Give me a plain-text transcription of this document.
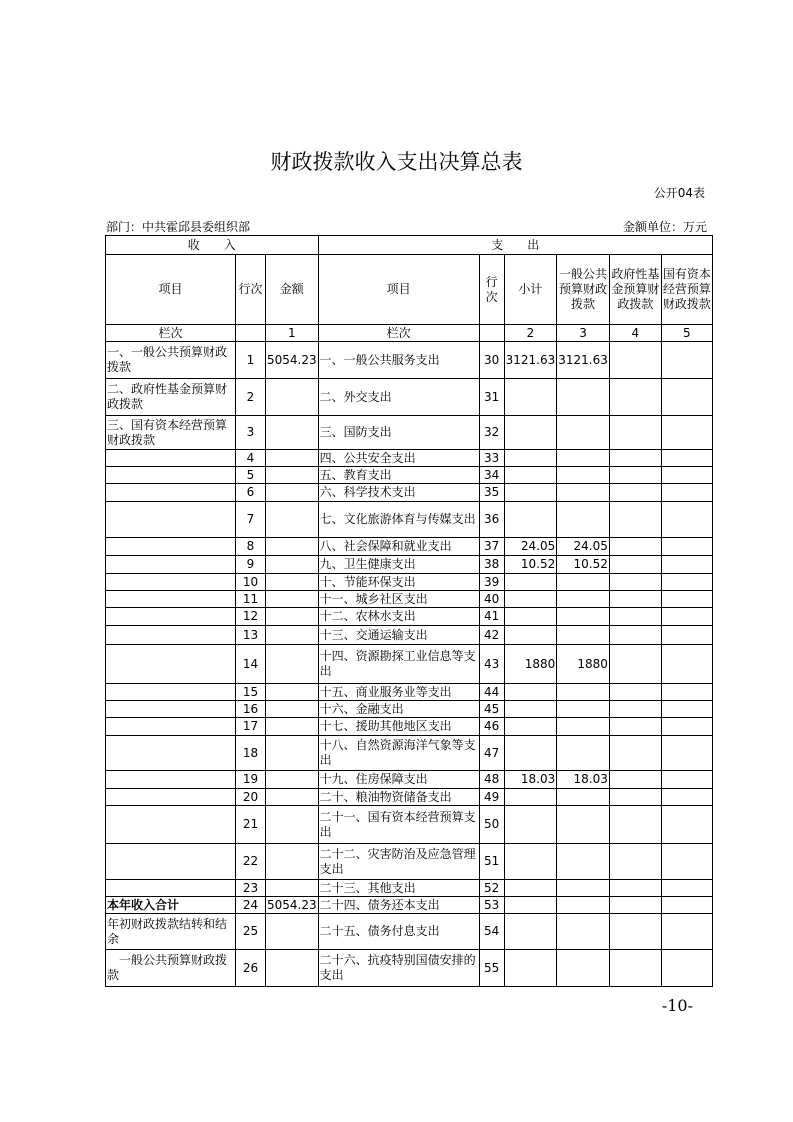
财政拨款收入支出决算总表
公开04表
部门：中共霍邱县委组织部	金额单位：万元
收　　入			支　　出					
项目	行次	金额	项目	行次	小计	一般公共预算财政拨款	政府性基金预算财政拨款	国有资本经营预算财政拨款
栏次		1	栏次		2	3	4	5
一、一般公共预算财政拨款	1	5054.23	一、一般公共服务支出	30	3121.63	3121.63		
二、政府性基金预算财政拨款	2		二、外交支出	31				
三、国有资本经营预算财政拨款	3		三、国防支出	32				
	4		四、公共安全支出	33				
	5		五、教育支出	34				
	6		六、科学技术支出	35				
	7		七、文化旅游体育与传媒支出	36				
	8		八、社会保障和就业支出	37	24.05	24.05		
	9		九、卫生健康支出	38	10.52	10.52		
	10		十、节能环保支出	39				
	11		十一、城乡社区支出	40				
	12		十二、农林水支出	41				
	13		十三、交通运输支出	42				
	14		十四、资源勘探工业信息等支出	43	1880	1880		
	15		十五、商业服务业等支出	44				
	16		十六、金融支出	45				
	17		十七、援助其他地区支出	46				
	18		十八、自然资源海洋气象等支出	47				
	19		十九、住房保障支出	48	18.03	18.03		
	20		二十、粮油物资储备支出	49				
	21		二十一、国有资本经营预算支出	50				
	22		二十二、灾害防治及应急管理支出	51				
	23		二十三、其他支出	52				
本年收入合计	24	5054.23	二十四、债务还本支出	53				
年初财政拨款结转和结余	25		二十五、债务付息支出	54				
　一般公共预算财政拨款	26		二十六、抗疫特别国债安排的支出	55				
-10-
